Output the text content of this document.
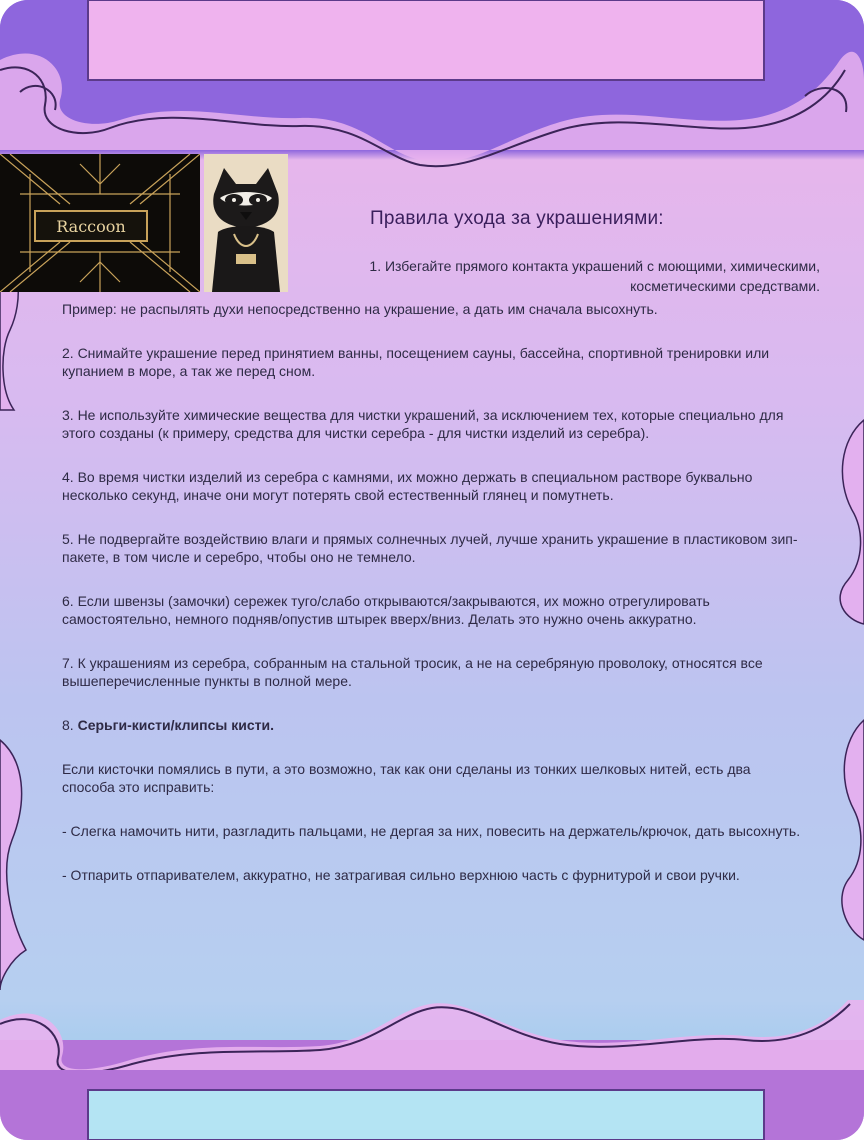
Raccoon	Правила ухода за украшениями:
1. Избегайте прямого контакта украшений с моющими, химическими, косметическими средствами.

Пример: не распылять духи непосредственно на украшение, а дать им сначала высохнуть.

2. Снимайте украшение перед принятием ванны, посещением сауны, бассейна, спортивной тренировки или купанием в море, а так же перед сном.

3. Не используйте химические вещества для чистки украшений, за исключением тех, которые специально для этого созданы (к примеру, средства для чистки серебра - для чистки изделий из серебра).

4. Во время чистки изделий из серебра с камнями, их можно держать в специальном растворе буквально несколько секунд, иначе они могут потерять свой естественный глянец и помутнеть.

5. Не подвергайте воздействию влаги и прямых солнечных лучей, лучше хранить украшение в пластиковом зип-пакете, в том числе и серебро, чтобы оно не темнело.

6. Если швензы (замочки) сережек туго/слабо открываются/закрываются, их можно отрегулировать самостоятельно, немного подняв/опустив штырек вверх/вниз. Делать это нужно очень аккуратно.

7. К украшениям из серебра, собранным на стальной тросик, а не на серебряную проволоку, относятся все вышеперечисленные пункты в полной мере.

8. Серьги-кисти/клипсы кисти.

Если кисточки помялись в пути, а это возможно, так как они сделаны из тонких шелковых нитей, есть два способа это исправить:

- Слегка намочить нити, разгладить пальцами, не дергая за них, повесить на держатель/крючок, дать высохнуть.

- Отпарить отпаривателем, аккуратно, не затрагивая сильно верхнюю часть с фурнитурой и свои ручки.
